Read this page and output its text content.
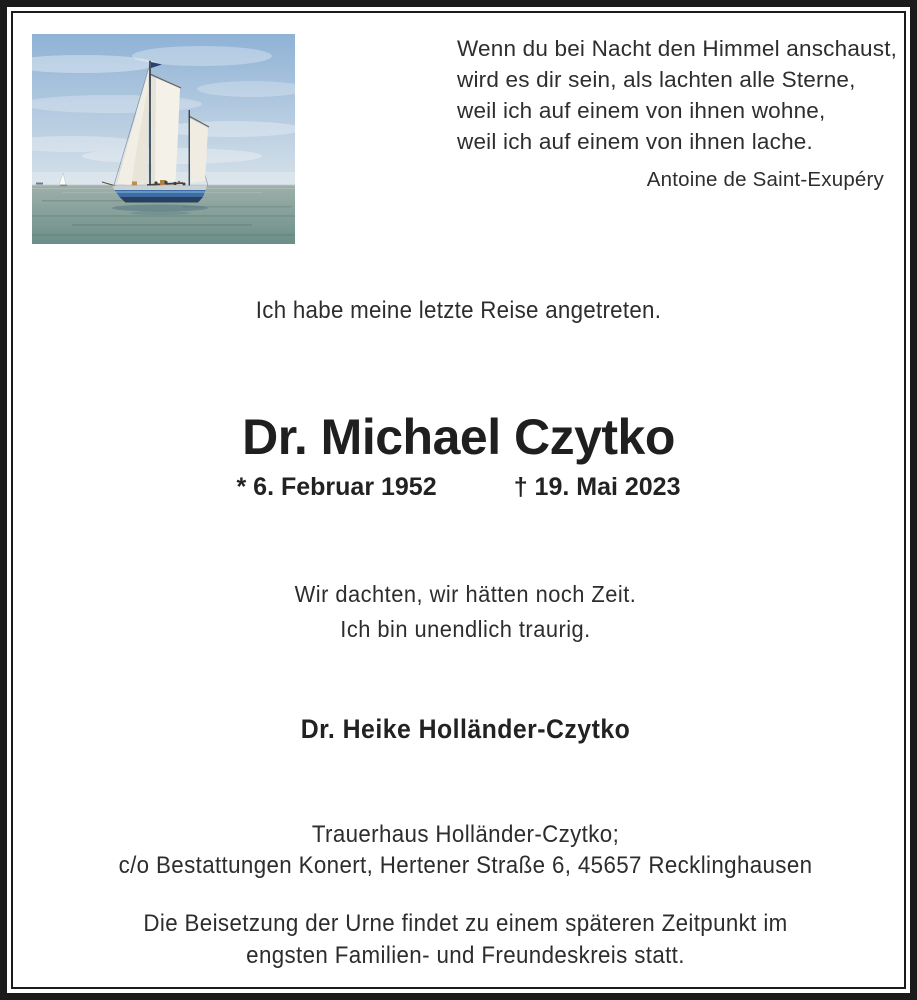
Wenn du bei Nacht den Himmel anschaust,
wird es dir sein, als lachten alle Sterne,
weil ich auf einem von ihnen wohne,
weil ich auf einem von ihnen lache.
Antoine de Saint-Exupéry
Ich habe meine letzte Reise angetreten.
Dr. Michael Czytko
* 6. Februar 1952	† 19. Mai 2023
Wir dachten, wir hätten noch Zeit.
Ich bin unendlich traurig.
Dr. Heike Holländer-Czytko
Trauerhaus Holländer-Czytko;
c/o Bestattungen Konert, Hertener Straße 6, 45657 Recklinghausen
Die Beisetzung der Urne findet zu einem späteren Zeitpunkt im
engsten Familien- und Freundeskreis statt.
